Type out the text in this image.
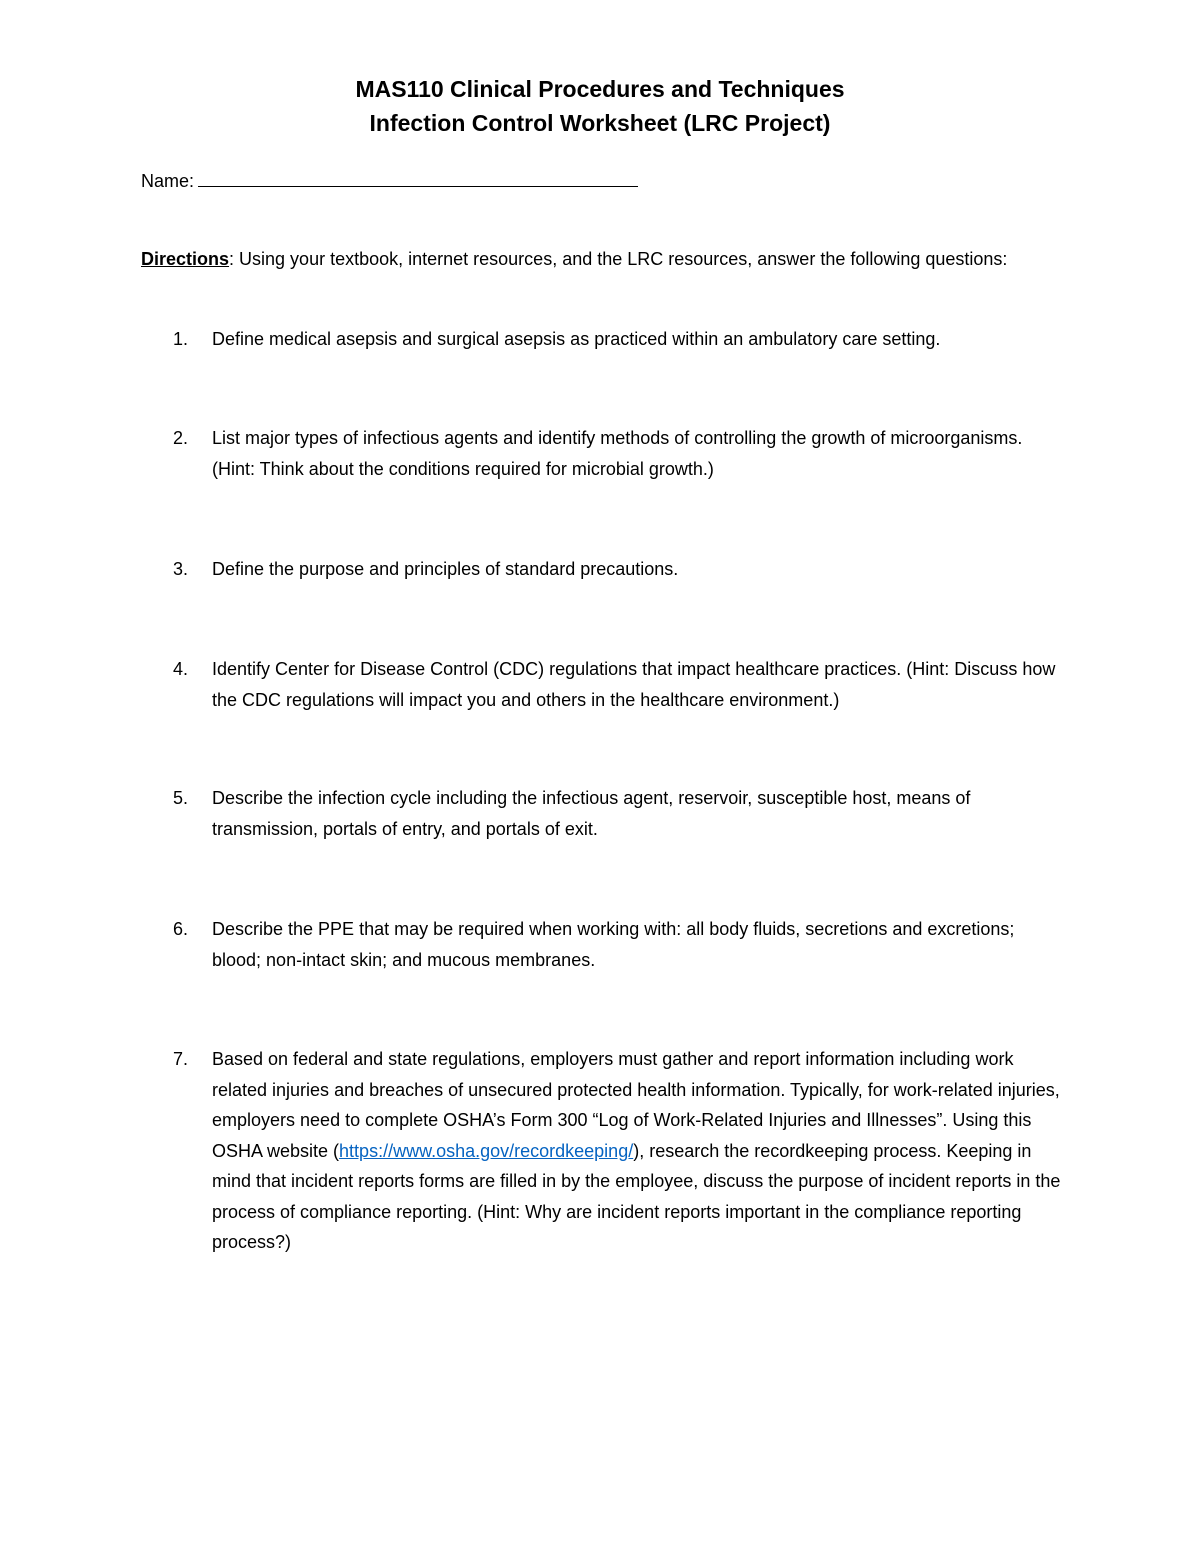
MAS110 Clinical Procedures and Techniques
Infection Control Worksheet (LRC Project)
Name:
Directions: Using your textbook, internet resources, and the LRC resources, answer the following questions:
1.	Define medical asepsis and surgical asepsis as practiced within an ambulatory care setting.
2.	List major types of infectious agents and identify methods of controlling the growth of microorganisms. (Hint: Think about the conditions required for microbial growth.)
3.	Define the purpose and principles of standard precautions.
4.	Identify Center for Disease Control (CDC) regulations that impact healthcare practices. (Hint: Discuss how the CDC regulations will impact you and others in the healthcare environment.)
5.	Describe the infection cycle including the infectious agent, reservoir, susceptible host, means of transmission, portals of entry, and portals of exit.
6.	Describe the PPE that may be required when working with: all body fluids, secretions and excretions; blood; non-intact skin; and mucous membranes.
7.	Based on federal and state regulations, employers must gather and report information including work related injuries and breaches of unsecured protected health information. Typically, for work-related injuries, employers need to complete OSHA’s Form 300 “Log of Work-Related Injuries and Illnesses”. Using this OSHA website (https://www.osha.gov/recordkeeping/), research the recordkeeping process. Keeping in mind that incident reports forms are filled in by the employee, discuss the purpose of incident reports in the process of compliance reporting. (Hint: Why are incident reports important in the compliance reporting process?)
